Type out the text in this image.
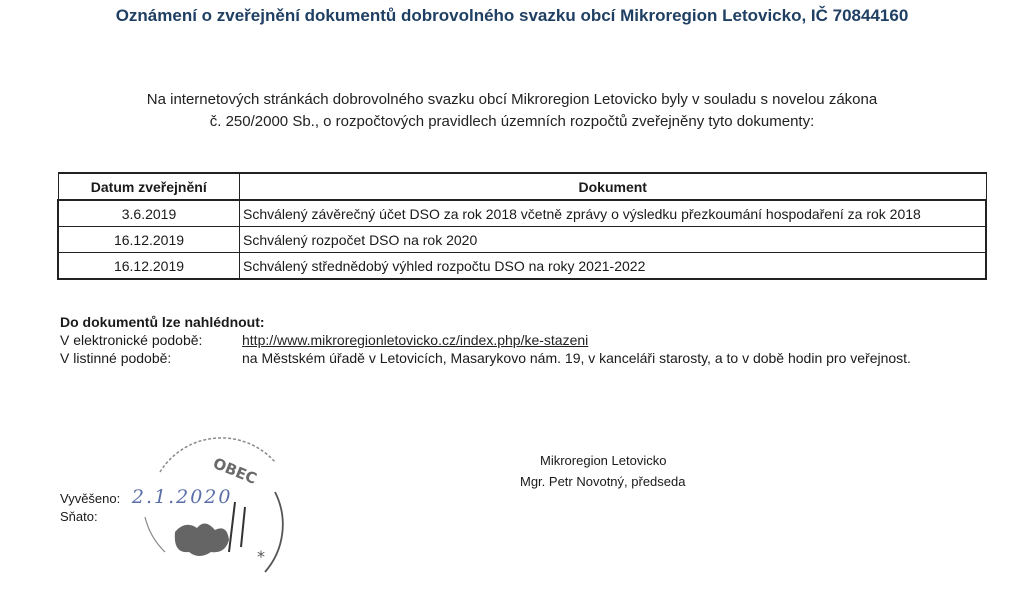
Oznámení o zveřejnění dokumentů dobrovolného svazku obcí Mikroregion Letovicko, IČ 70844160
Na internetových stránkách dobrovolného svazku obcí Mikroregion Letovicko byly v souladu s novelou zákona
č. 250/2000 Sb., o rozpočtových pravidlech územních rozpočtů zveřejněny tyto dokumenty:
Datum zveřejnění	Dokument
3.6.2019	Schválený závěrečný účet DSO za rok 2018 včetně zprávy o výsledku přezkoumání hospodaření za rok 2018
16.12.2019	Schválený rozpočet DSO na rok 2020
16.12.2019	Schválený střednědobý výhled rozpočtu DSO na roky 2021-2022
Do dokumentů lze nahlédnout:
V elektronické podobě:	http://www.mikroregionletovicko.cz/index.php/ke-stazeni
V listinné podobě:	na Městském úřadě v Letovicích, Masarykovo nám. 19, v kanceláři starosty, a to v době hodin pro veřejnost.
Mikroregion Letovicko
Mgr. Petr Novotný, předseda
OBEC
*
Vyvěšeno: 2.1.2020
Sňato:
